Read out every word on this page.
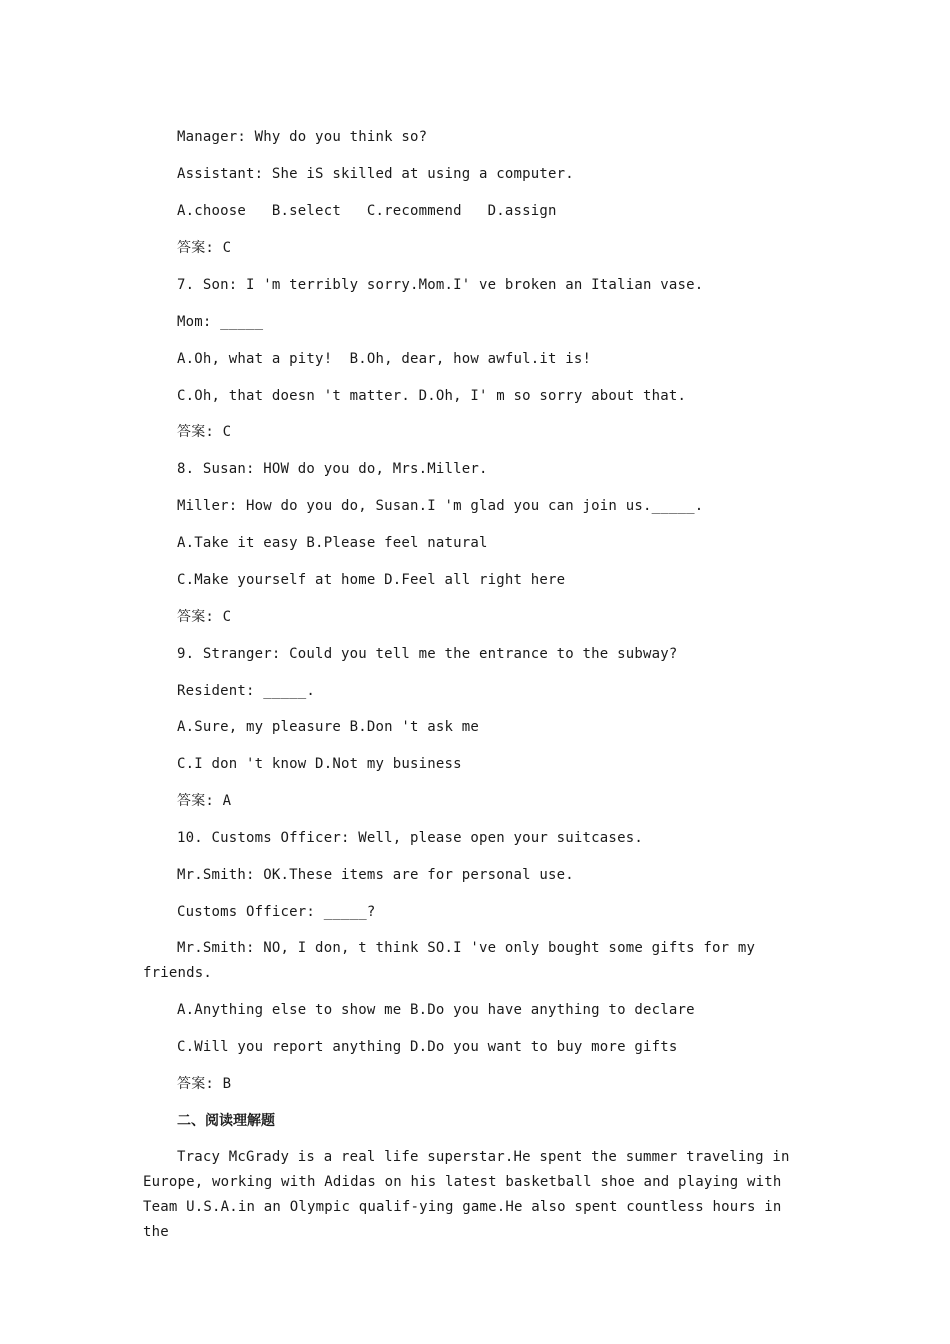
Manager: Why do you think so?
Assistant: She iS skilled at using a computer.
A.choose   B.select   C.recommend   D.assign
答案: C
7. Son: I 'm terribly sorry.Mom.I' ve broken an Italian vase.
Mom: _____
A.Oh, what a pity!  B.Oh, dear, how awful.it is!
C.Oh, that doesn 't matter. D.Oh, I' m so sorry about that.
答案: C
8. Susan: HOW do you do, Mrs.Miller.
Miller: How do you do, Susan.I 'm glad you can join us._____.
A.Take it easy B.Please feel natural
C.Make yourself at home D.Feel all right here
答案: C
9. Stranger: Could you tell me the entrance to the subway?
Resident: _____.
A.Sure, my pleasure B.Don 't ask me
C.I don 't know D.Not my business
答案: A
10. Customs Officer: Well, please open your suitcases.
Mr.Smith: OK.These items are for personal use.
Customs Officer: _____?
Mr.Smith: NO, I don, t think SO.I 've only bought some gifts for my friends.
A.Anything else to show me B.Do you have anything to declare
C.Will you report anything D.Do you want to buy more gifts
答案: B
二、阅读理解题
Tracy McGrady is a real life superstar.He spent the summer traveling in Europe, working with Adidas on his latest basketball shoe and playing with Team U.S.A.in an Olympic qualif-ying game.He also spent countless hours in the
